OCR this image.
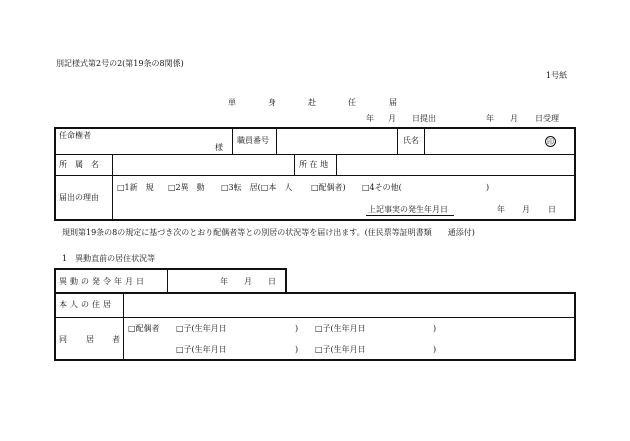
別記様式第2号の2(第19条の8関係)
1号紙
単	身	赴	任	届
年 月 日提出	年 月 日受理
任命権者
様
職員番号	氏名	印
所　属　名	所 在 地
届出の理由
□1新　規 □2異　動 □3転　居(□本　人 □配偶者) □4その他(	)
上記事実の発生年月日	年 月 日
規則第19条の8の規定に基づき次のとおり配偶者等との別居の状況等を届け出ます。(住民票等証明書類　　通添付)
1　異動直前の居住状況等
異動の発令年月日	年 月 日
本人の住居
同 居 者
□配偶者 □子(生年月日	) □子(生年月日	)
□子(生年月日	) □子(生年月日	)
